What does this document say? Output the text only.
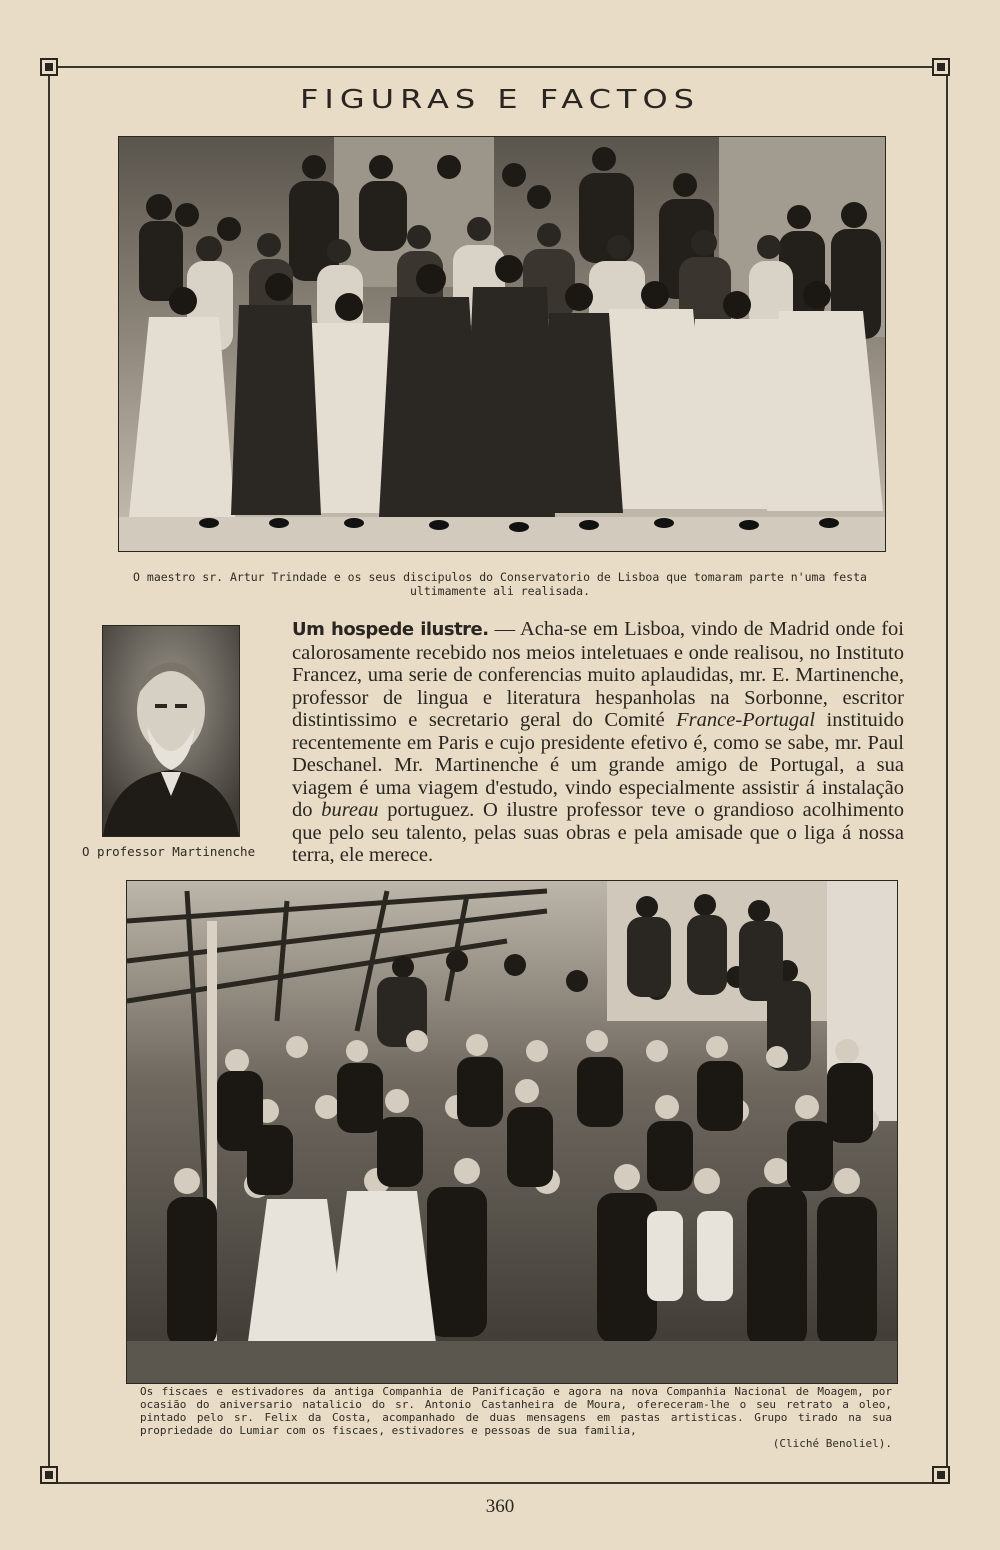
FIGURAS E FACTOS
O maestro sr. Artur Trindade e os seus discipulos do Conservatorio de Lisboa que tomaram parte n'uma festa ultimamente ali realisada.
O professor Martinenche
Um hospede ilustre. — Acha-se em Lisboa, vindo de Madrid onde foi calorosamente recebido nos meios inteletuaes e onde realisou, no Instituto Francez, uma serie de conferencias muito aplaudidas, mr. E. Martinenche, professor de lingua e literatura hespanholas na Sorbonne, escritor distintissimo e secretario geral do Comité France-Portugal instituido recentemente em Paris e cujo presidente efetivo é, como se sabe, mr. Paul Deschanel. Mr. Martinenche é um grande amigo de Portugal, a sua viagem é uma viagem d'estudo, vindo especialmente assistir á instalação do bureau portuguez. O ilustre professor teve o grandioso acolhimento que pelo seu talento, pelas suas obras e pela amisade que o liga á nossa terra, ele merece.
Os fiscaes e estivadores da antiga Companhia de Panificação e agora na nova Companhia Nacional de Moagem, por ocasião do aniversario natalicio do sr. Antonio Castanheira de Moura, ofereceram-lhe o seu retrato a oleo, pintado pelo sr. Felix da Costa, acompanhado de duas mensagens em pastas artisticas. Grupo tirado na sua propriedade do Lumiar com os fiscaes, estivadores e pessoas de sua familia,
(Cliché Benoliel).
360
